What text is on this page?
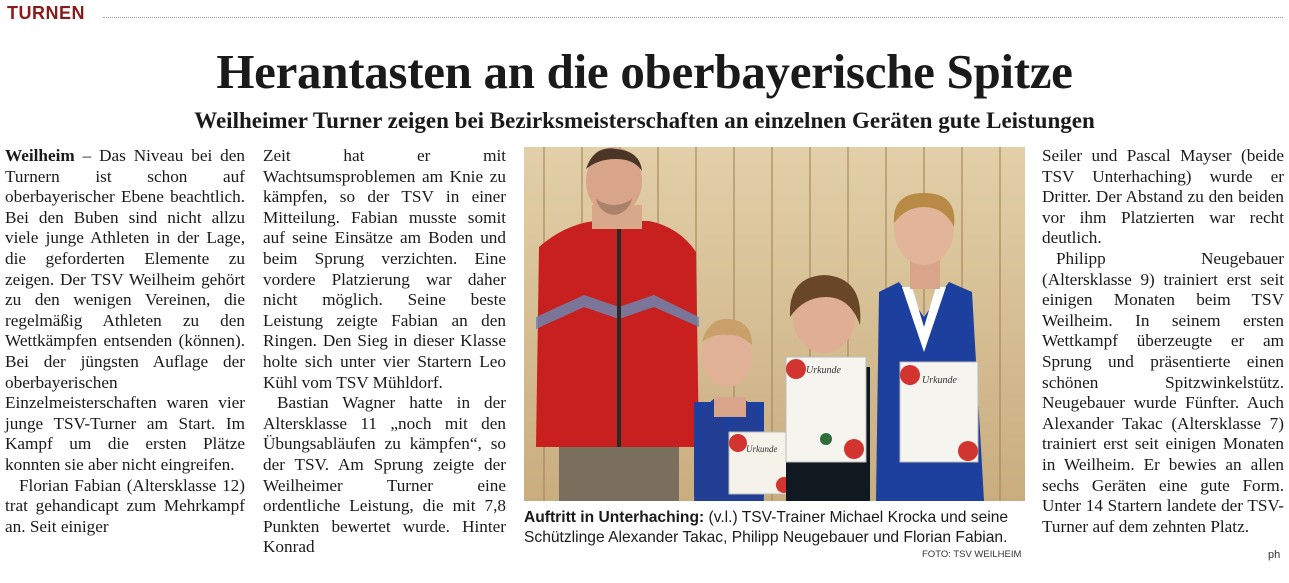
TURNEN
Herantasten an die oberbayerische Spitze
Weilheimer Turner zeigen bei Bezirksmeisterschaften an einzelnen Geräten gute Leistungen

Weilheim – Das Niveau bei den Turnern ist schon auf oberbayerischer Ebene beachtlich. Bei den Buben sind nicht allzu viele junge Athleten in der Lage, die geforderten Elemente zu zeigen. Der TSV Weilheim gehört zu den wenigen Vereinen, die regelmäßig Athleten zu den Wettkämpfen entsenden (können). Bei der jüngsten Auflage der oberbayerischen Einzelmeisterschaften waren vier junge TSV-Turner am Start. Im Kampf um die ersten Plätze konnten sie aber nicht eingreifen.

Florian Fabian (Altersklasse 12) trat gehandicapt zum Mehrkampf an. Seit einiger

Zeit hat er mit Wachtsumsproblemen am Knie zu kämpfen, so der TSV in einer Mitteilung. Fabian musste somit auf seine Einsätze am Boden und beim Sprung verzichten. Eine vordere Platzierung war daher nicht möglich. Seine beste Leistung zeigte Fabian an den Ringen. Den Sieg in dieser Klasse holte sich unter vier Startern Leo Kühl vom TSV Mühldorf.

Bastian Wagner hatte in der Altersklasse 11 „noch mit den Übungsabläufen zu kämpfen“, so der TSV. Am Sprung zeigte der Weilheimer Turner eine ordentliche Leistung, die mit 7,8 Punkten bewertet wurde. Hinter Konrad

Urkunde
Urkunde
Urkunde
Auftritt in Unterhaching: (v.l.) TSV-Trainer Michael Krocka und seine Schützlinge Alexander Takac, Philipp Neugebauer und Florian Fabian.
FOTO: TSV WEILHEIM

Seiler und Pascal Mayser (beide TSV Unterhaching) wurde er Dritter. Der Abstand zu den beiden vor ihm Platzierten war recht deutlich.

Philipp Neugebauer (Altersklasse 9) trainiert erst seit einigen Monaten beim TSV Weilheim. In seinem ersten Wettkampf überzeugte er am Sprung und präsentierte einen schönen Spitzwinkelstütz. Neugebauer wurde Fünfter. Auch Alexander Takac (Altersklasse 7) trainiert erst seit einigen Monaten in Weilheim. Er bewies an allen sechs Geräten eine gute Form. Unter 14 Startern landete der TSV-Turner auf dem zehnten Platz.

ph
